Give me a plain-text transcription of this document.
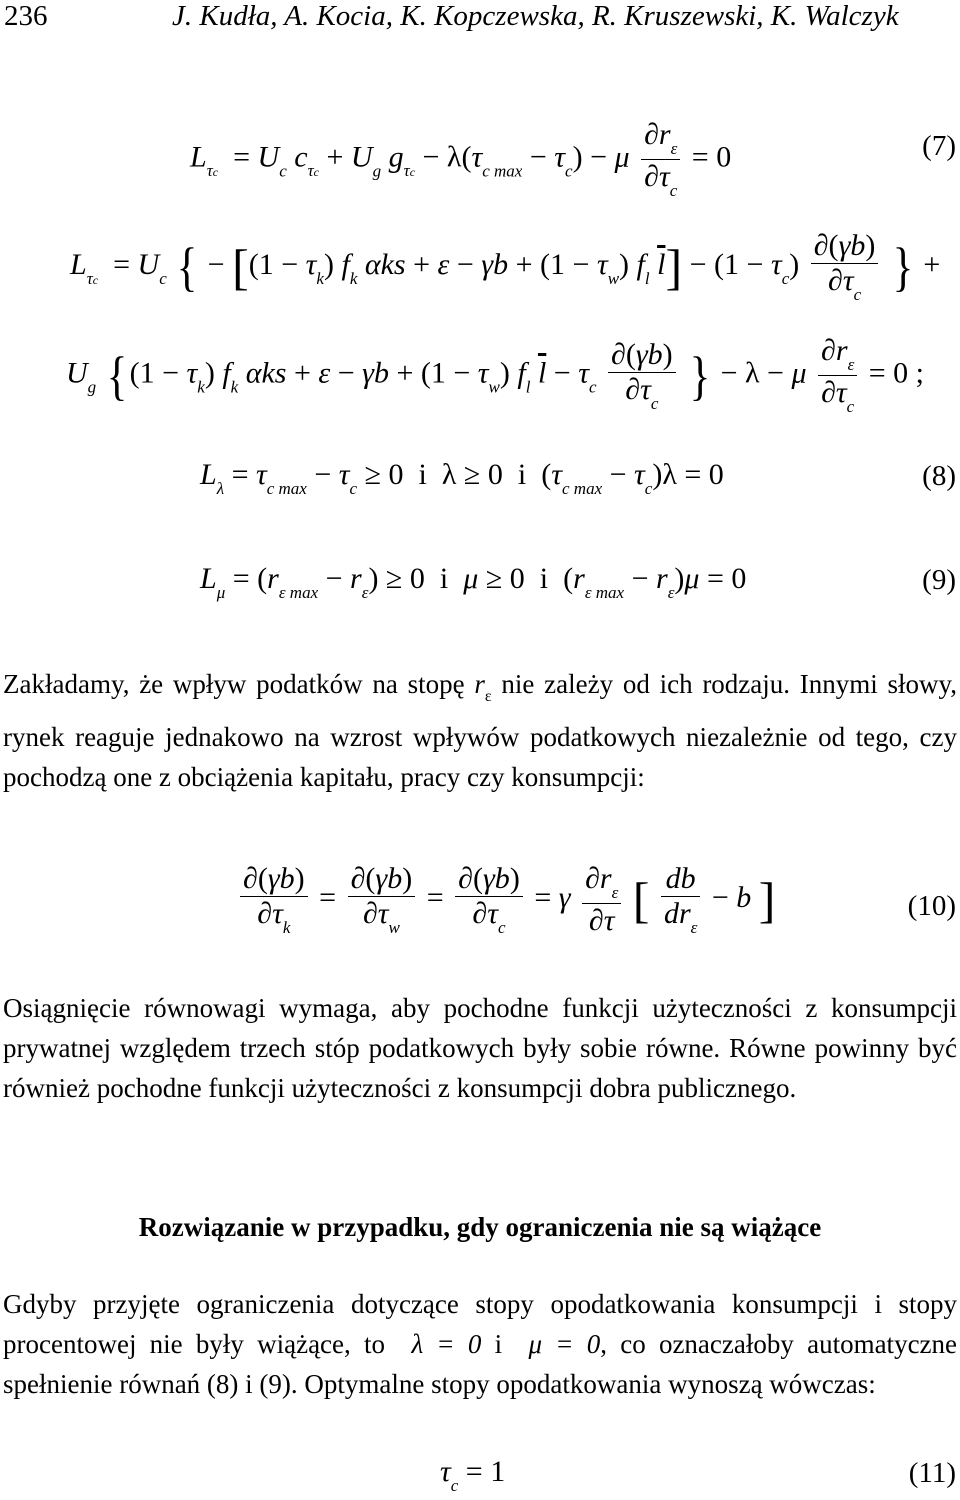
236	J. Kudła, A. Kocia, K. Kopczewska, R. Kruszewski, K. Walczyk
$L_{\tau c} = U_c$ $c_{\tau c} + U_g$ $g_{\tau c} - \lambda(\tau_{c max} - \tau_c) - \mu \frac{\partial r_\varepsilon}{\partial\tau_c} = 0$	(7)
$L_{\tau c} = U_c$ { − [$(1 - \tau_k)$ $f_k$ $\alpha ks + \varepsilon - \gamma b + (1 - \tau_w)$ $f_l$ $\overline{l}] - (1 - \tau_c) \frac{\partial(\gamma b)}{\partial\tau_c}$ } +
$U_g$ {$(1 - \tau_k)$ $f_k$ $\alpha ks + \varepsilon - \gamma b + (1 - \tau_w)$ $f_l$ $\overline{l} - \tau_c \frac{\partial(\gamma b)}{\partial\tau_c}$ } − λ − μ $\frac{\partial r_\varepsilon}{\partial\tau_c} = 0$ ;
$L_\lambda = \tau_{c max} - \tau_c \ge 0$  i  λ ≥ 0  i  $(\tau_{c max} - \tau_c)\lambda = 0$	(8)
$L_\mu = (r_{\varepsilon max} - r_\varepsilon) \ge 0$  i μ ≥ 0  i  $(r_{\varepsilon max} - r_\varepsilon)\mu = 0$	(9)

Zakładamy, że wpływ podatków na stopę $r_\varepsilon$ nie zależy od ich rodzaju. Innymi słowy, rynek reaguje jednakowo na wzrost wpływów podatkowych niezależnie od tego, czy pochodzą one z obciążenia kapitału, pracy czy konsumpcji:

$\frac{\partial(\gamma b)}{\partial\tau_k} = \frac{\partial(\gamma b)}{\partial\tau_w} = \frac{\partial(\gamma b)}{\partial\tau_c} = \gamma \frac{\partial r_\varepsilon}{\partial\tau}$ [ $\frac{db}{dr_\varepsilon} - b$ ]	(10)

Osiągnięcie równowagi wymaga, aby pochodne funkcji użyteczności z konsumpcji prywatnej względem trzech stóp podatkowych były sobie równe. Równe powinny być również pochodne funkcji użyteczności z konsumpcji dobra publicznego.

Rozwiązanie w przypadku, gdy ograniczenia nie są wiążące

Gdyby przyjęte ograniczenia dotyczące stopy opodatkowania konsumpcji i stopy procentowej nie były wiążące, to λ = 0 i μ = 0, co oznaczałoby automatyczne spełnienie równań (8) i (9). Optymalne stopy opodatkowania wynoszą wówczas:

$\tau_c = 1$	(11)
